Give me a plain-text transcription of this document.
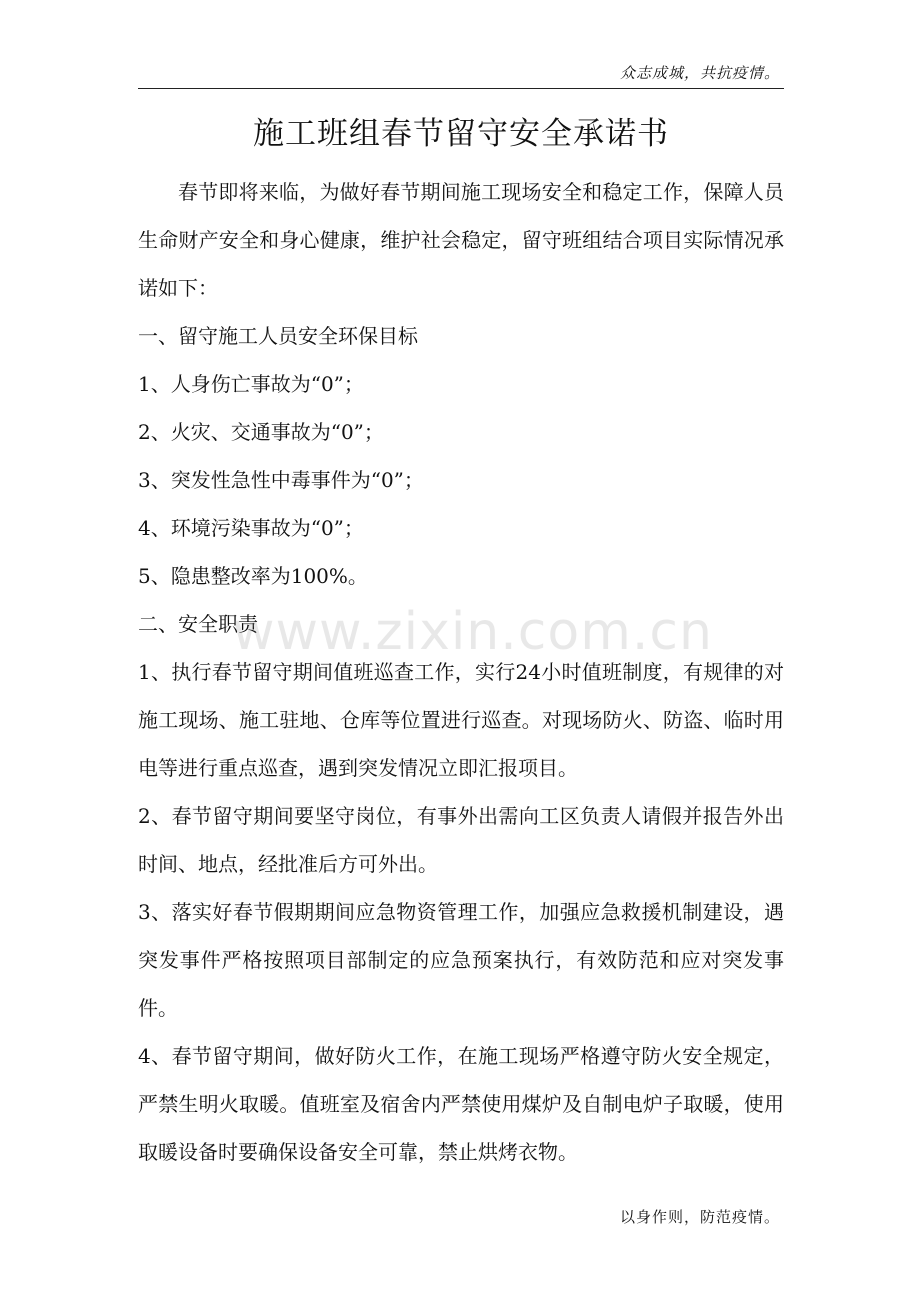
众志成城，共抗疫情。
施工班组春节留守安全承诺书

春节即将来临，为做好春节期间施工现场安全和稳定工作，保障人员生命财产安全和身心健康，维护社会稳定，留守班组结合项目实际情况承诺如下：

一、留守施工人员安全环保目标

1、人身伤亡事故为“0”；

2、火灾、交通事故为“0”；

3、突发性急性中毒事件为“0”；

4、环境污染事故为“0”；

5、隐患整改率为100%。

二、安全职责

1、执行春节留守期间值班巡查工作，实行24小时值班制度，有规律的对施工现场、施工驻地、仓库等位置进行巡查。对现场防火、防盗、临时用电等进行重点巡查，遇到突发情况立即汇报项目。

2、春节留守期间要坚守岗位，有事外出需向工区负责人请假并报告外出时间、地点，经批准后方可外出。

3、落实好春节假期期间应急物资管理工作，加强应急救援机制建设，遇突发事件严格按照项目部制定的应急预案执行，有效防范和应对突发事件。

4、春节留守期间，做好防火工作，在施工现场严格遵守防火安全规定，严禁生明火取暖。值班室及宿舍内严禁使用煤炉及自制电炉子取暖，使用取暖设备时要确保设备安全可靠，禁止烘烤衣物。

www.zixin.com.cn
以身作则，防范疫情。
